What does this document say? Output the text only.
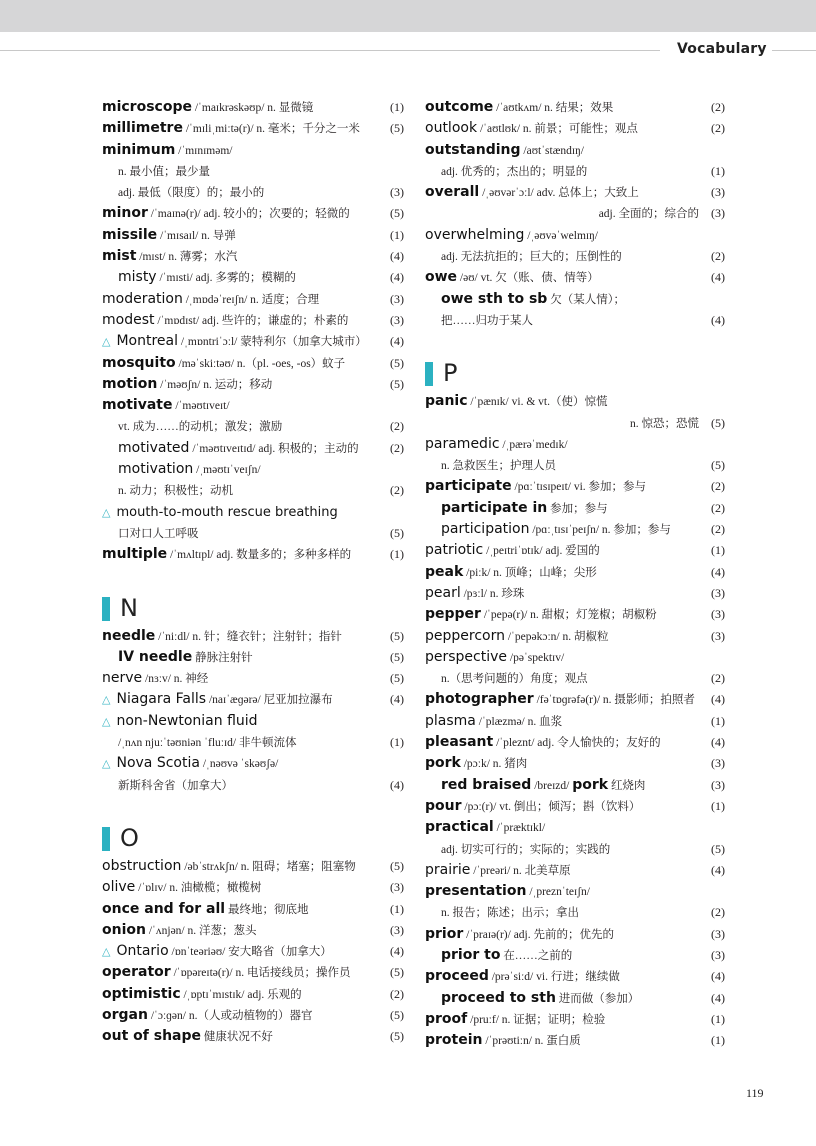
Vocabulary
microscope /ˈmaɪkrəskəʊp/ n. 显微镜	(1)
millimetre /ˈmɪliˌmiːtə(r)/ n. 毫米；千分之一米	(5)
minimum /ˈmɪnɪməm/
n. 最小值；最少量
adj. 最低（限度）的；最小的	(3)
minor /ˈmaɪnə(r)/ adj. 较小的；次要的；轻微的	(5)
missile /ˈmɪsaɪl/ n. 导弹	(1)
mist /mɪst/ n. 薄雾；水汽	(4)
misty /ˈmɪsti/ adj. 多雾的；模糊的	(4)
moderation /ˌmɒdəˈreɪʃn/ n. 适度；合理	(3)
modest /ˈmɒdɪst/ adj. 些许的；谦虚的；朴素的	(3)
△ Montreal /ˌmɒntriˈɔːl/ 蒙特利尔（加拿大城市） (4)
mosquito /məˈskiːtəʊ/ n.（pl. -oes, -os）蚊子	(5)
motion /ˈməʊʃn/ n. 运动；移动	(5)
motivate /ˈməʊtɪveɪt/
vt. 成为……的动机；激发；激励	(2)
motivated /ˈməʊtɪveɪtɪd/ adj. 积极的；主动的	(2)
motivation /ˌməʊtɪˈveɪʃn/
n. 动力；积极性；动机	(2)
△ mouth-to-mouth rescue breathing
口对口人工呼吸	(5)
multiple /ˈmʌltɪpl/ adj. 数量多的；多种多样的	(1)
N
needle /ˈniːdl/ n. 针；缝衣针；注射针；指针	(5)
IV needle 静脉注射针	(5)
nerve /nɜːv/ n. 神经	(5)
△ Niagara Falls /naɪˈæɡərə/ 尼亚加拉瀑布	(4)
△ non-Newtonian fluid
/ˌnʌn njuːˈtəʊniən ˈfluːɪd/ 非牛顿流体	(1)
△ Nova Scotia /ˌnəʊvə ˈskəʊʃə/
新斯科舍省（加拿大）	(4)
O
obstruction /əbˈstrʌkʃn/ n. 阻碍；堵塞；阻塞物	(5)
olive /ˈɒlɪv/ n. 油橄榄；橄榄树	(3)
once and for all 最终地；彻底地	(1)
onion /ˈʌnjən/ n. 洋葱；葱头	(3)
△ Ontario /ɒnˈteəriəʊ/ 安大略省（加拿大）	(4)
operator /ˈɒpəreɪtə(r)/ n. 电话接线员；操作员	(5)
optimistic /ˌɒptɪˈmɪstɪk/ adj. 乐观的	(2)
organ /ˈɔːɡən/ n.（人或动植物的）器官	(5)
out of shape 健康状况不好	(5)
outcome /ˈaʊtkʌm/ n. 结果；效果	(2)
outlook /ˈaʊtlʊk/ n. 前景；可能性；观点	(2)
outstanding /aʊtˈstændɪŋ/
adj. 优秀的；杰出的；明显的	(1)
overall /ˌəʊvərˈɔːl/ adv. 总体上；大致上	(3)
adj. 全面的；综合的 (3)
overwhelming /ˌəʊvəˈwelmɪŋ/
adj. 无法抗拒的；巨大的；压倒性的	(2)
owe /əʊ/ vt. 欠（账、债、情等）	(4)
owe sth to sb 欠（某人情）；
把……归功于某人	(4)
P
panic /ˈpænɪk/ vi. & vt.（使）惊慌
n. 惊恐；恐慌 (5)
paramedic /ˌpærəˈmedɪk/
n. 急救医生；护理人员	(5)
participate /pɑːˈtɪsɪpeɪt/ vi. 参加；参与	(2)
participate in 参加；参与	(2)
participation /pɑːˌtɪsɪˈpeɪʃn/ n. 参加；参与	(2)
patriotic /ˌpeɪtriˈɒtɪk/ adj. 爱国的	(1)
peak /piːk/ n. 顶峰；山峰；尖形	(4)
pearl /pɜːl/ n. 珍珠	(3)
pepper /ˈpepə(r)/ n. 甜椒；灯笼椒；胡椒粉	(3)
peppercorn /ˈpepəkɔːn/ n. 胡椒粒	(3)
perspective /pəˈspektɪv/
n.（思考问题的）角度；观点	(2)
photographer /fəˈtɒɡrəfə(r)/ n. 摄影师；拍照者 (4)
plasma /ˈplæzmə/ n. 血浆	(1)
pleasant /ˈpleznt/ adj. 令人愉快的；友好的	(4)
pork /pɔːk/ n. 猪肉	(3)
red braised /breɪzd/ pork 红烧肉	(3)
pour /pɔː(r)/ vt. 倒出；倾泻；斟（饮料）	(1)
practical /ˈpræktɪkl/
adj. 切实可行的；实际的；实践的	(5)
prairie /ˈpreəri/ n. 北美草原	(4)
presentation /ˌpreznˈteɪʃn/
n. 报告；陈述；出示；拿出	(2)
prior /ˈpraɪə(r)/ adj. 先前的；优先的	(3)
prior to 在……之前的	(3)
proceed /prəˈsiːd/ vi. 行进；继续做	(4)
proceed to sth 进而做（参加）	(4)
proof /pruːf/ n. 证据；证明；检验	(1)
protein /ˈprəʊtiːn/ n. 蛋白质	(1)
119
